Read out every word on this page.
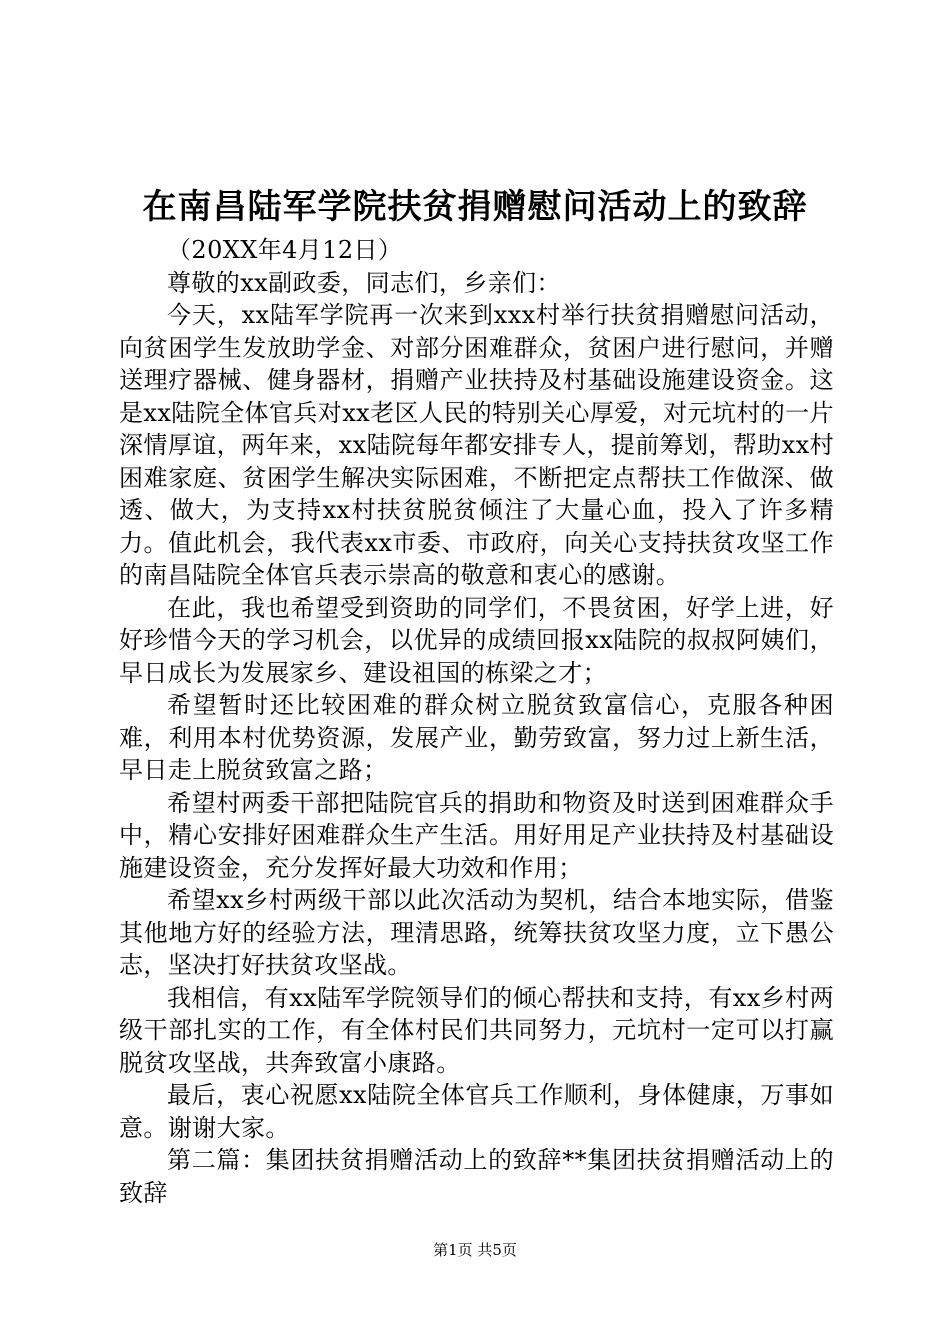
在南昌陆军学院扶贫捐赠慰问活动上的致辞

（20XX年4月12日）

尊敬的xx副政委，同志们，乡亲们：

今天，xx陆军学院再一次来到xxx村举行扶贫捐赠慰问活动，向贫困学生发放助学金、对部分困难群众，贫困户进行慰问，并赠送理疗器械、健身器材，捐赠产业扶持及村基础设施建设资金。这是xx陆院全体官兵对xx老区人民的特别关心厚爱，对元坑村的一片深情厚谊，两年来，xx陆院每年都安排专人，提前筹划，帮助xx村困难家庭、贫困学生解决实际困难，不断把定点帮扶工作做深、做透、做大，为支持xx村扶贫脱贫倾注了大量心血，投入了许多精力。值此机会，我代表xx市委、市政府，向关心支持扶贫攻坚工作的南昌陆院全体官兵表示崇高的敬意和衷心的感谢。

在此，我也希望受到资助的同学们，不畏贫困，好学上进，好好珍惜今天的学习机会，以优异的成绩回报xx陆院的叔叔阿姨们，早日成长为发展家乡、建设祖国的栋梁之才；

希望暂时还比较困难的群众树立脱贫致富信心，克服各种困难，利用本村优势资源，发展产业，勤劳致富，努力过上新生活，早日走上脱贫致富之路；

希望村两委干部把陆院官兵的捐助和物资及时送到困难群众手中，精心安排好困难群众生产生活。用好用足产业扶持及村基础设施建设资金，充分发挥好最大功效和作用；

希望xx乡村两级干部以此次活动为契机，结合本地实际，借鉴其他地方好的经验方法，理清思路，统筹扶贫攻坚力度，立下愚公志，坚决打好扶贫攻坚战。

我相信，有xx陆军学院领导们的倾心帮扶和支持，有xx乡村两级干部扎实的工作，有全体村民们共同努力，元坑村一定可以打赢脱贫攻坚战，共奔致富小康路。

最后，衷心祝愿xx陆院全体官兵工作顺利，身体健康，万事如意。谢谢大家。

第二篇：集团扶贫捐赠活动上的致辞**集团扶贫捐赠活动上的致辞

第1页 共5页
